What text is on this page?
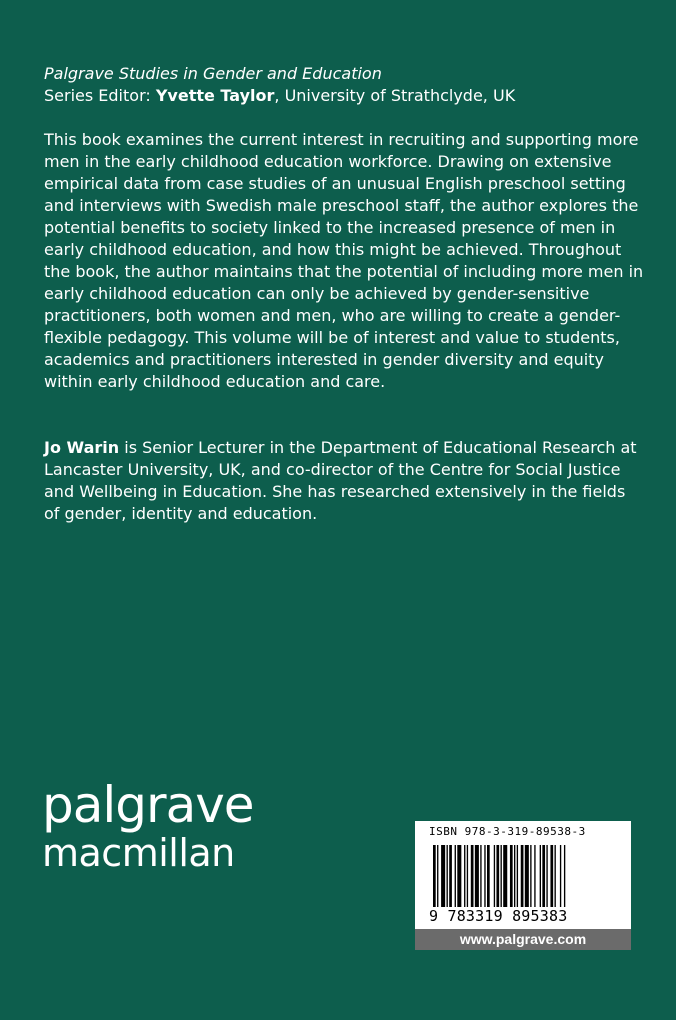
Palgrave Studies in Gender and Education
Series Editor: Yvette Taylor, University of Strathclyde, UK
This book examines the current interest in recruiting and supporting more men in the early childhood education workforce. Drawing on extensive empirical data from case studies of an unusual English preschool setting and interviews with Swedish male preschool staff, the author explores the potential benefits to society linked to the increased presence of men in early childhood education, and how this might be achieved. Throughout the book, the author maintains that the potential of including more men in early childhood education can only be achieved by gender-sensitive practitioners, both women and men, who are willing to create a gender-flexible pedagogy. This volume will be of interest and value to students, academics and practitioners interested in gender diversity and equity within early childhood education and care.
Jo Warin is Senior Lecturer in the Department of Educational Research at Lancaster University, UK, and co-director of the Centre for Social Justice and Wellbeing in Education. She has researched extensively in the fields of gender, identity and education.
palgrave
macmillan	ISBN 978-3-319-89538-3
9 783319 895383
www.palgrave.com
